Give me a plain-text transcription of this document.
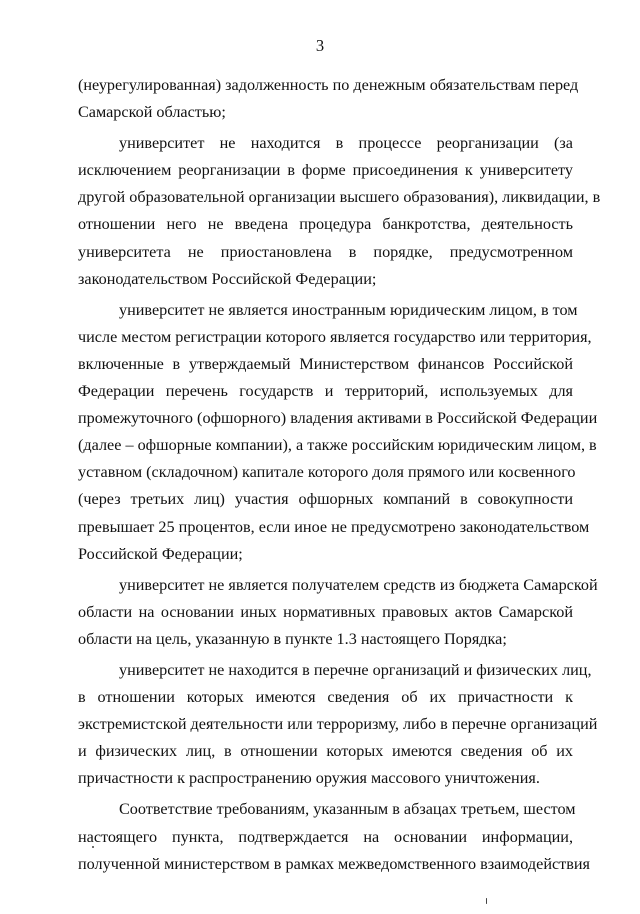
3
(неурегулированная) задолженность по денежным обязательствам перед
Самарской областью;
университет не находится в процессе реорганизации (за
исключением реорганизации в форме присоединения к университету
другой образовательной организации высшего образования), ликвидации, в
отношении него не введена процедура банкротства, деятельность
университета не приостановлена в порядке, предусмотренном
законодательством Российской Федерации;
университет не является иностранным юридическим лицом, в том
числе местом регистрации которого является государство или территория,
включенные в утверждаемый Министерством финансов Российской
Федерации перечень государств и территорий, используемых для
промежуточного (офшорного) владения активами в Российской Федерации
(далее – офшорные компании), а также российским юридическим лицом, в
уставном (складочном) капитале которого доля прямого или косвенного
(через третьих лиц) участия офшорных компаний в совокупности
превышает 25 процентов, если иное не предусмотрено законодательством
Российской Федерации;
университет не является получателем средств из бюджета Самарской
области на основании иных нормативных правовых актов Самарской
области на цель, указанную в пункте 1.3 настоящего Порядка;
университет не находится в перечне организаций и физических лиц,
в отношении которых имеются сведения об их причастности к
экстремистской деятельности или терроризму, либо в перечне организаций
и физических лиц, в отношении которых имеются сведения об их
причастности к распространению оружия массового уничтожения.
Соответствие требованиям, указанным в абзацах третьем, шестом
настоящего пункта, подтверждается на основании информации,
полученной министерством в рамках межведомственного взаимодействия
